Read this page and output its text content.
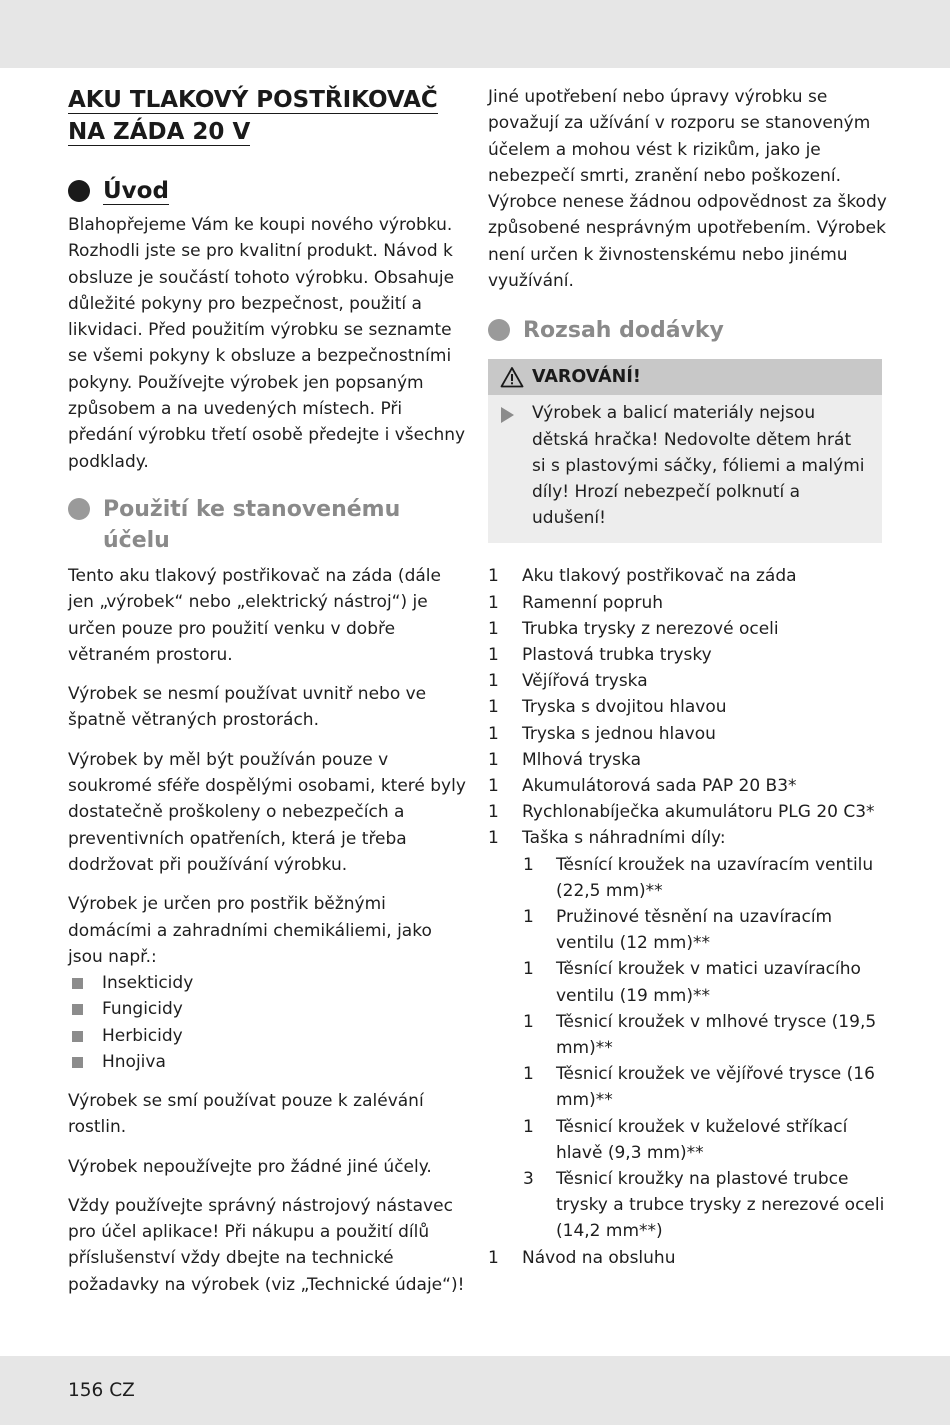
AKU TLAKOVÝ POSTŘIKOVAČ
NA ZÁDA 20 V
Úvod

Blahopřejeme Vám ke koupi nového výrobku. Rozhodli jste se pro kvalitní produkt. Návod k obsluze je součástí tohoto výrobku. Obsahuje důležité pokyny pro bezpečnost, použití a likvidaci. Před použitím výrobku se seznamte se všemi pokyny k obsluze a bezpečnostními pokyny. Používejte výrobek jen popsaným způsobem a na uvedených místech. Při předání výrobku třetí osobě předejte i všechny podklady.

Použití ke stanovenému
účelu

Tento aku tlakový postřikovač na záda (dále jen „výrobek“ nebo „elektrický nástroj“) je určen pouze pro použití venku v dobře větraném prostoru.

Výrobek se nesmí používat uvnitř nebo ve špatně větraných prostorách.

Výrobek by měl být používán pouze v soukromé sféře dospělými osobami, které byly dostatečně proškoleny o nebezpečích a preventivních opatřeních, která je třeba dodržovat při používání výrobku.

Výrobek je určen pro postřik běžnými domácími a zahradními chemikáliemi, jako jsou např.:

Insekticidy
Fungicidy
Herbicidy
Hnojiva

Výrobek se smí používat pouze k zalévání rostlin.

Výrobek nepoužívejte pro žádné jiné účely.

Vždy používejte správný nástrojový nástavec pro účel aplikace! Při nákupu a použití dílů příslušenství vždy dbejte na technické požadavky na výrobek (viz „Technické údaje“)!

Jiné upotřebení nebo úpravy výrobku se považují za užívání v rozporu se stanoveným účelem a mohou vést k rizikům, jako je nebezpečí smrti, zranění nebo poškození. Výrobce nenese žádnou odpovědnost za škody způsobené nesprávným upotřebením. Výrobek není určen k živnostenskému nebo jinému využívání.

Rozsah dodávky
VAROVÁNÍ!
Výrobek a balicí materiály nejsou dětská hračka! Nedovolte dětem hrát si s plastovými sáčky, fóliemi a malými díly! Hrozí nebezpečí polknutí a udušení!
1	Aku tlakový postřikovač na záda
1	Ramenní popruh
1	Trubka trysky z nerezové oceli
1	Plastová trubka trysky
1	Vějířová tryska
1	Tryska s dvojitou hlavou
1	Tryska s jednou hlavou
1	Mlhová tryska
1	Akumulátorová sada PAP 20 B3*
1	Rychlonabíječka akumulátoru PLG 20 C3*
1	Taška s náhradními díly:
1	Těsnící kroužek na uzavíracím ventilu (22,5 mm)**
1	Pružinové těsnění na uzavíracím ventilu (12 mm)**
1	Těsnící kroužek v matici uzavíracího ventilu (19 mm)**
1	Těsnicí kroužek v mlhové trysce (19,5 mm)**
1	Těsnicí kroužek ve vějířové trysce (16 mm)**
1	Těsnicí kroužek v kuželové stříkací hlavě (9,3 mm)**
3	Těsnicí kroužky na plastové trubce trysky a trubce trysky z nerezové oceli (14,2 mm**)
1	Návod na obsluhu
156 CZ
